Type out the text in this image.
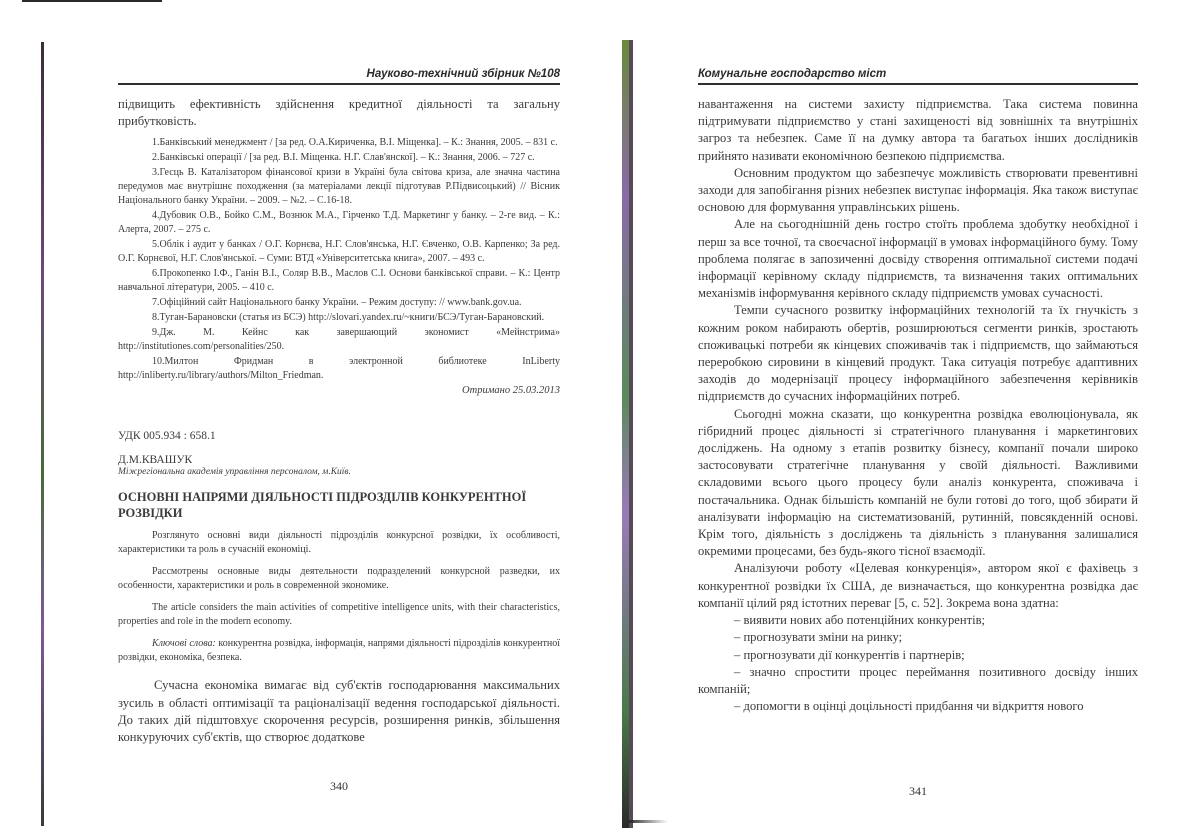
Науково-технічний збірник №108

підвищить ефективність здійснення кредитної діяльності та загальну прибутковість.

1.Банківський менеджмент / [за ред. О.А.Кириченка, В.І. Міщенка]. – К.: Знання, 2005. – 831 с.

2.Банківські операції / [за ред. В.І. Міщенка. Н.Г. Слав'янскої]. – К.: Знання, 2006. – 727 с.

3.Гесць В. Каталізатором фінансової кризи в Україні була світова криза, але значна частина передумов має внутрішнє походження (за матеріалами лекції підготував Р.Підвисоцький) // Вісник Національного банку України. – 2009. – №2. – С.16-18.

4.Дубовик О.В., Бойко С.М., Вознюк М.А., Гірченко Т.Д. Маркетинг у банку. – 2-ге вид. – К.: Алерта, 2007. – 275 с.

5.Облік і аудит у банках / О.Г. Корнєва, Н.Г. Слов'янська, Н.Г. Євченко, О.В. Карпенко; За ред. О.Г. Корнєвої, Н.Г. Слов'янської. – Суми: ВТД «Університетська книга», 2007. – 493 с.

6.Прокопенко І.Ф., Ганін В.І., Соляр В.В., Маслов С.І. Основи банківської справи. – К.: Центр навчальної літератури, 2005. – 410 с.

7.Офіційний сайт Національного банку України. – Режим доступу: // www.bank.gov.ua.

8.Туган-Барановски (статья из БСЭ) http://slovari.yandex.ru/~книги/БСЭ/Туган-Барановский.

9.Дж. М. Кейнс как завершающий экономист «Мейнстрима» http://institutiones.com/personalities/250.

10.Милтон Фридман в электронной библиотеке InLiberty http://inliberty.ru/library/authors/Milton_Friedman.

Отримано 25.03.2013

УДК 005.934 : 658.1

Д.М.КВАШУК

Міжрегіональна академія управління персоналом, м.Київ.

ОСНОВНІ НАПРЯМИ ДІЯЛЬНОСТІ ПІДРОЗДІЛІВ КОНКУРЕНТНОЇ РОЗВІДКИ

Розглянуто основні види діяльності підрозділів конкурсної розвідки, їх особливості, характеристики та роль в сучасній економіці.

Рассмотрены основные виды деятельности подразделений конкурсной разведки, их особенности, характеристики и роль в современной экономике.

The article considers the main activities of competitive intelligence units, with their characteristics, properties and role in the modern economy.

Ключові слова: конкурентна розвідка, інформація, напрями діяльності підрозділів конкурентної розвідки, економіка, безпека.

Сучасна економіка вимагає від суб'єктів господарювання максимальних зусиль в області оптимізації та раціоналізації ведення господарської діяльності. До таких дій підштовхує скорочення ресурсів, розширення ринків, збільшення конкуруючих суб'єктів, що створює додаткове

340
Комунальне господарство міст

навантаження на системи захисту підприємства. Така система повинна підтримувати підприємство у стані захищеності від зовнішніх та внутрішніх загроз та небезпек. Саме її на думку автора та багатьох інших дослідників прийнято називати економічною безпекою підприємства.

Основним продуктом що забезпечує можливість створювати превентивні заходи для запобігання різних небезпек виступає інформація. Яка також виступає основою для формування управлінських рішень.

Але на сьогоднішній день гостро стоїть проблема здобутку необхідної і перш за все точної, та своєчасної інформації в умовах інформаційного буму. Тому проблема полягає в запозиченні досвіду створення оптимальної системи подачі інформації керівному складу підприємств, та визначення таких оптимальних механізмів інформування керівного складу підприємств умовах сучасності.

Темпи сучасного розвитку інформаційних технологій та їх гнучкість з кожним роком набирають обертів, розширюються сегменти ринків, зростають споживацькі потреби як кінцевих споживачів так і підприємств, що займаються переробкою сировини в кінцевий продукт. Така ситуація потребує адаптивних заходів до модернізації процесу інформаційного забезпечення керівників підприємств до сучасних інформаційних потреб.

Сьогодні можна сказати, що конкурентна розвідка еволюціонувала, як гібридний процес діяльності зі стратегічного планування і маркетингових досліджень. На одному з етапів розвитку бізнесу, компанії почали широко застосовувати стратегічне планування у своїй діяльності. Важливими складовими всього цього процесу були аналіз конкурента, споживача і постачальника. Однак більшість компаній не були готові до того, щоб збирати й аналізувати інформацію на систематизованій, рутинній, повсякденній основі. Крім того, діяльність з досліджень та діяльність з планування залишалися окремими процесами, без будь-якого тісної взаємодії.

Аналізуючи роботу «Целевая конкуренція», автором якої є фахівець з конкурентної розвідки їх США, де визначається, що конкурентна розвідка дає компанії цілий ряд істотних переваг [5, с. 52]. Зокрема вона здатна:

– виявити нових або потенційних конкурентів;

– прогнозувати зміни на ринку;

– прогнозувати дії конкурентів і партнерів;

– значно спростити процес переймання позитивного досвіду інших компаній;

– допомогти в оцінці доцільності придбання чи відкриття нового

341
